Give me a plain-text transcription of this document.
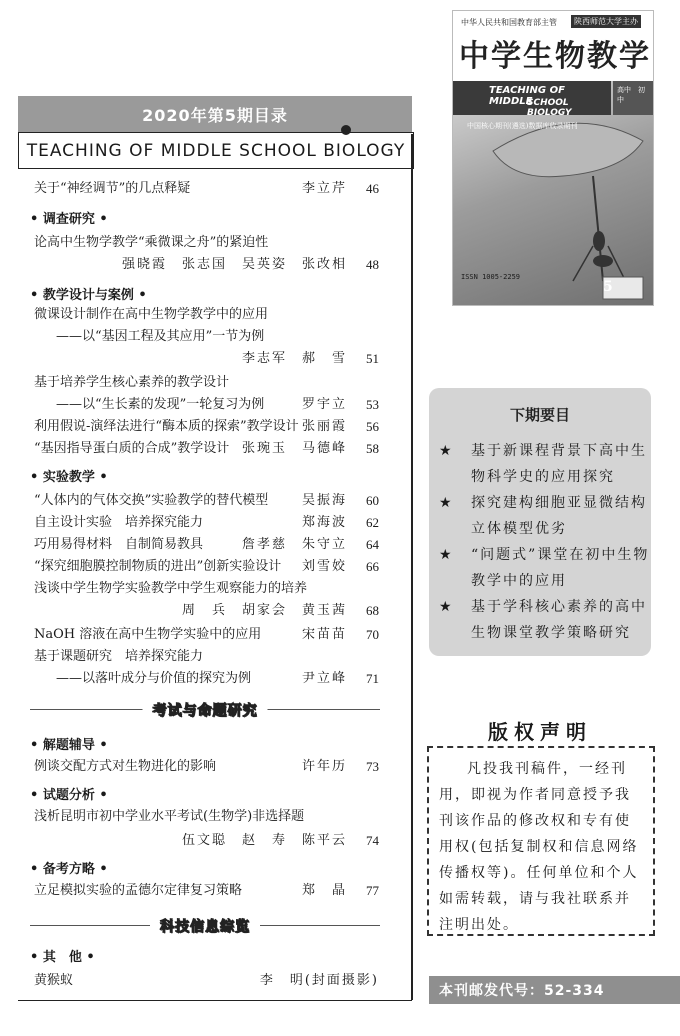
2020年第5期目录
TEACHING OF MIDDLE SCHOOL BIOLOGY
关于“神经调节”的几点释疑	李立芹	46
• 调查研究 •
论高中生物学教学“乘微课之舟”的紧迫性
强晓霞　张志国　吴英姿　张改相	48
• 教学设计与案例 •
微课设计制作在高中生物学教学中的应用
——以“基因工程及其应用”一节为例
李志军　郝　雪	51
基于培养学生核心素养的教学设计
——以“生长素的发现”一轮复习为例	罗宇立	53
利用假说-演绎法进行“酶本质的探索”教学设计 张丽霞	56
“基因指导蛋白质的合成”教学设计 张琬玉　马德峰	58
• 实验教学 •
“人体内的气体交换”实验教学的替代模型	吴振海	60
自主设计实验　培养探究能力	郑海波	62
巧用易得材料　自制简易教具	詹孝慈　朱守立	64
“探究细胞膜控制物质的进出”创新实验设计 刘雪姣	66
浅谈中学生物学实验教学中学生观察能力的培养
周　兵　胡家会　黄玉茜	68
NaOH 溶液在高中生物学实验中的应用	宋苗苗	70
基于课题研究　培养探究能力
——以落叶成分与价值的探究为例	尹立峰	71
考试与命题研究
• 解题辅导 •
例谈交配方式对生物进化的影响	许年历	73
• 试题分析 •
浅析昆明市初中学业水平考试(生物学)非选择题
伍文聪　赵　寿　陈平云	74
• 备考方略 •
立足模拟实验的孟德尔定律复习策略	郑　晶	77
科技信息综览
• 其　他 •
黄猴蚁	李　明(封面摄影)
中华人民共和国教育部主管	陕西师范大学主办
中学生物教学
TEACHING OF MIDDLE
SCHOOL BIOLOGY
高中　初中
中国核心期刊(遴选)数据库收录期刊
ISSN 1005-2259
5
下期要目
★ 基于新课程背景下高中生物科学史的应用探究
★ 探究建构细胞亚显微结构立体模型优劣
★ “问题式”课堂在初中生物教学中的应用
★ 基于学科核心素养的高中生物课堂教学策略研究
版权声明
凡投我刊稿件，一经刊用，即视为作者同意授予我刊该作品的修改权和专有使用权(包括复制权和信息网络传播权等)。任何单位和个人如需转载，请与我社联系并注明出处。
本刊邮发代号：52-334
